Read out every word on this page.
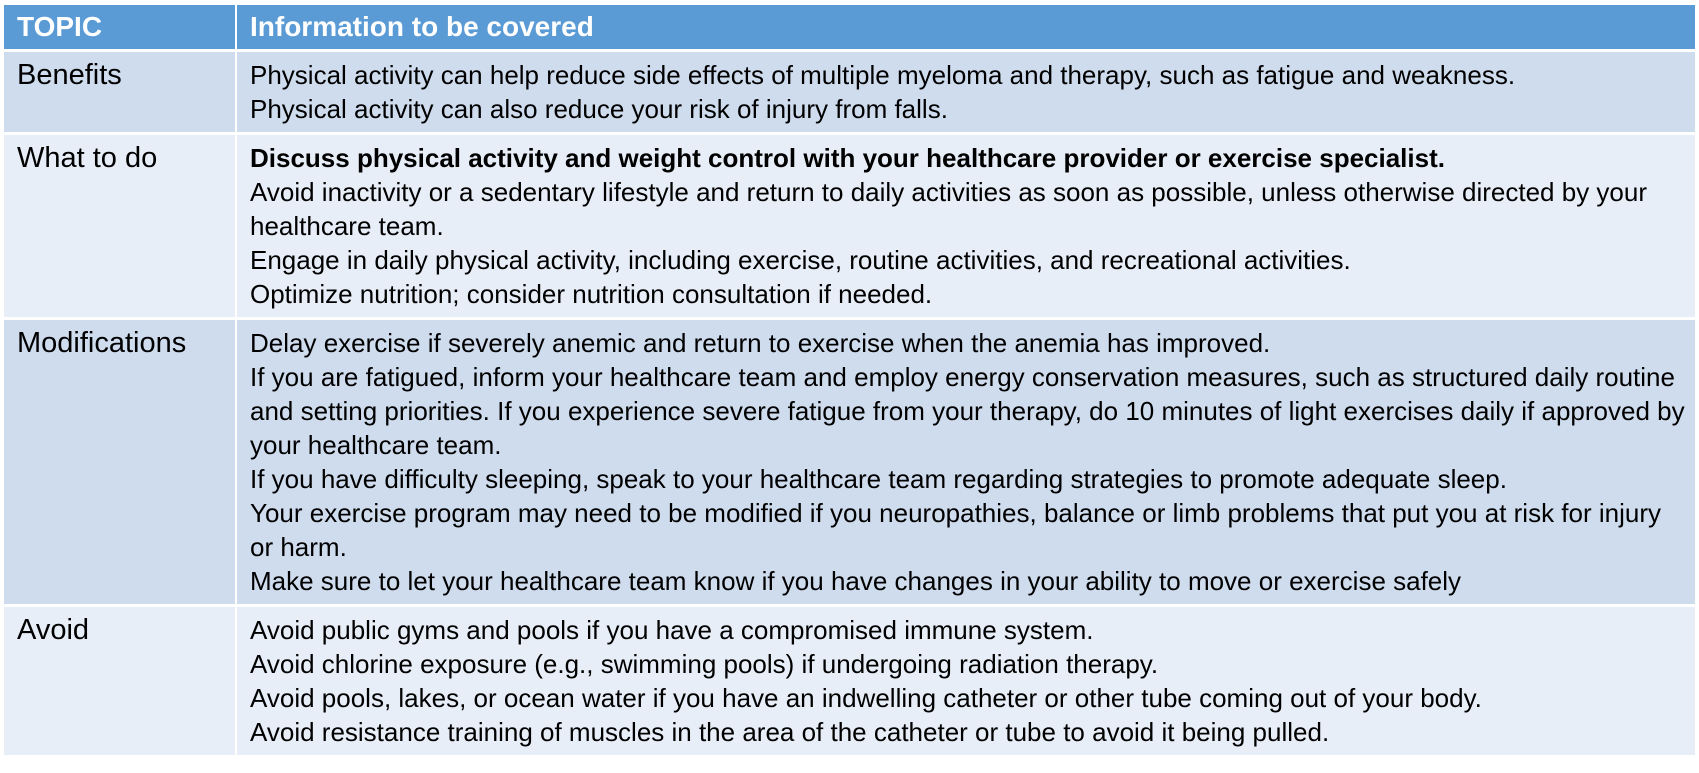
TOPIC	Information to be covered
Benefits	Physical activity can help reduce side effects of multiple myeloma and therapy, such as fatigue and weakness.
Physical activity can also reduce your risk of injury from falls.

What to do	Discuss physical activity and weight control with your healthcare provider or exercise specialist.
Avoid inactivity or a sedentary lifestyle and return to daily activities as soon as possible, unless otherwise directed by your healthcare team.
Engage in daily physical activity, including exercise, routine activities, and recreational activities.
Optimize nutrition; consider nutrition consultation if needed.

Modifications	Delay exercise if severely anemic and return to exercise when the anemia has improved.
If you are fatigued, inform your healthcare team and employ energy conservation measures, such as structured daily routine and setting priorities. If you experience severe fatigue from your therapy, do 10 minutes of light exercises daily if approved by your healthcare team.
If you have difficulty sleeping, speak to your healthcare team regarding strategies to promote adequate sleep.
Your exercise program may need to be modified if you neuropathies, balance or limb problems that put you at risk for injury or harm.
Make sure to let your healthcare team know if you have changes in your ability to move or exercise safely

Avoid	Avoid public gyms and pools if you have a compromised immune system.
Avoid chlorine exposure (e.g., swimming pools) if undergoing radiation therapy.
Avoid pools, lakes, or ocean water if you have an indwelling catheter or other tube coming out of your body.
Avoid resistance training of muscles in the area of the catheter or tube to avoid it being pulled.
